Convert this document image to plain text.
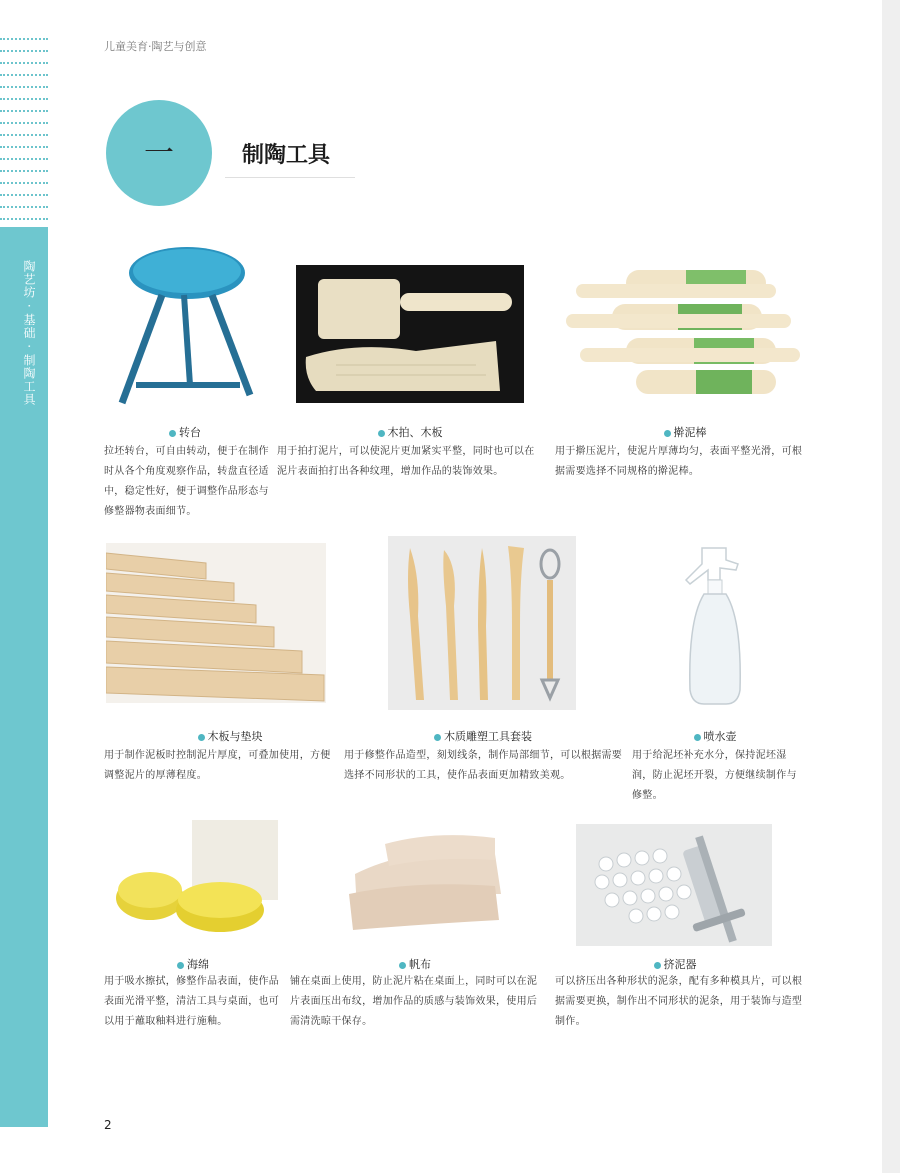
陶艺坊 · 基础 · 制陶工具
儿童美育·陶艺与创意
一	制陶工具
转台	木拍、木板	擀泥棒
拉坯转台，可自由转动，便于在制作时从各个角度观察作品，转盘直径适中，稳定性好，便于调整作品形态与修整器物表面细节。
用于拍打泥片，可以使泥片更加紧实平整，同时也可以在泥片表面拍打出各种纹理，增加作品的装饰效果。
用于擀压泥片，使泥片厚薄均匀，表面平整光滑，可根据需要选择不同规格的擀泥棒。
木板与垫块	木质雕塑工具套装	喷水壶
用于制作泥板时控制泥片厚度，可叠加使用，方便调整泥片的厚薄程度。
用于修整作品造型，刻划线条，制作局部细节，可以根据需要选择不同形状的工具，使作品表面更加精致美观。
用于给泥坯补充水分，保持泥坯湿润，防止泥坯开裂，方便继续制作与修整。
海绵	帆布	挤泥器
用于吸水擦拭，修整作品表面，使作品表面光滑平整，清洁工具与桌面，也可以用于蘸取釉料进行施釉。
铺在桌面上使用，防止泥片粘在桌面上，同时可以在泥片表面压出布纹，增加作品的质感与装饰效果，使用后需清洗晾干保存。
可以挤压出各种形状的泥条，配有多种模具片，可以根据需要更换，制作出不同形状的泥条，用于装饰与造型制作。
2
